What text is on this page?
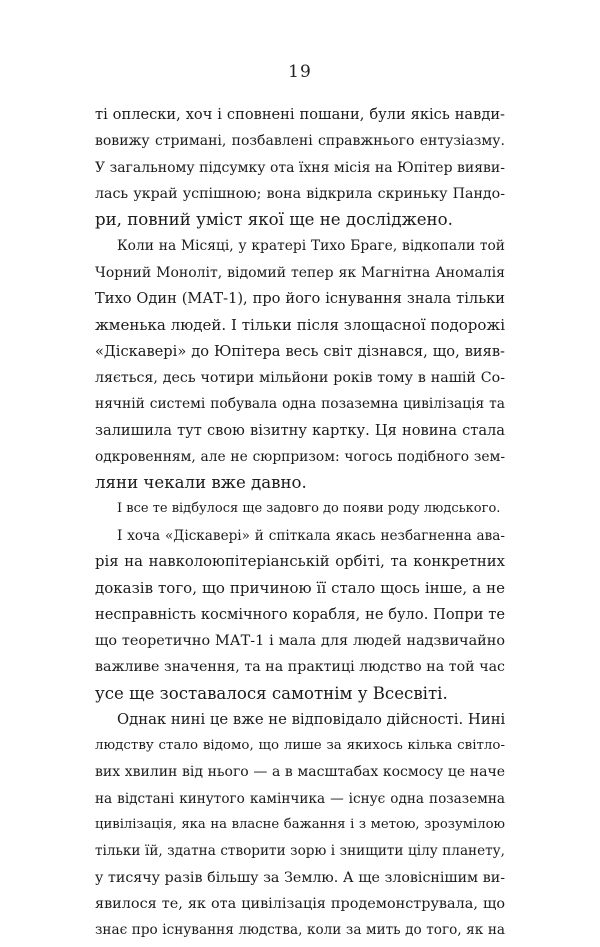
19
ті оплески, хоч і сповнені пошани, були якісь навди-
вовижу стримані, позбавлені справжнього ентузіазму.
У загальному підсумку ота їхня місія на Юпітер вияви-
лась украй успішною; вона відкрила скриньку Пандо-
ри, повний уміст якої ще не досліджено.
Коли на Місяці, у кратері Тихо Браге, відкопали той
Чорний Моноліт, відомий тепер як Магнітна Аномалія
Тихо Один (МАТ-1), про його існування знала тільки
жменька людей. І тільки після злощасної подорожі
«Діскавері» до Юпітера весь світ дізнався, що, вияв-
ляється, десь чотири мільйони років тому в нашій Со-
нячній системі побувала одна позаземна цивілізація та
залишила тут свою візитну картку. Ця новина стала
одкровенням, але не сюрпризом: чогось подібного зем-
ляни чекали вже давно.
І все те відбулося ще задовго до появи роду людського.
І хоча «Діскавері» й спіткала якась незбагненна ава-
рія на навколоюпітеріанській орбіті, та конкретних
доказів того, що причиною її стало щось інше, а не
несправність космічного корабля, не було. Попри те
що теоретично МАТ-1 і мала для людей надзвичайно
важливе значення, та на практиці людство на той час
усе ще зоставалося самотнім у Всесвіті.
Однак нині це вже не відповідало дійсності. Нині
людству стало відомо, що лише за якихось кілька світло-
вих хвилин від нього — а в масштабах космосу це наче
на відстані кинутого камінчика — існує одна позаземна
цивілізація, яка на власне бажання і з метою, зрозумілою
тільки їй, здатна створити зорю і знищити цілу планету,
у тисячу разів більшу за Землю. А ще зловіснішим ви-
явилося те, як ота цивілізація продемонструвала, що
знає про існування людства, коли за мить до того, як на
